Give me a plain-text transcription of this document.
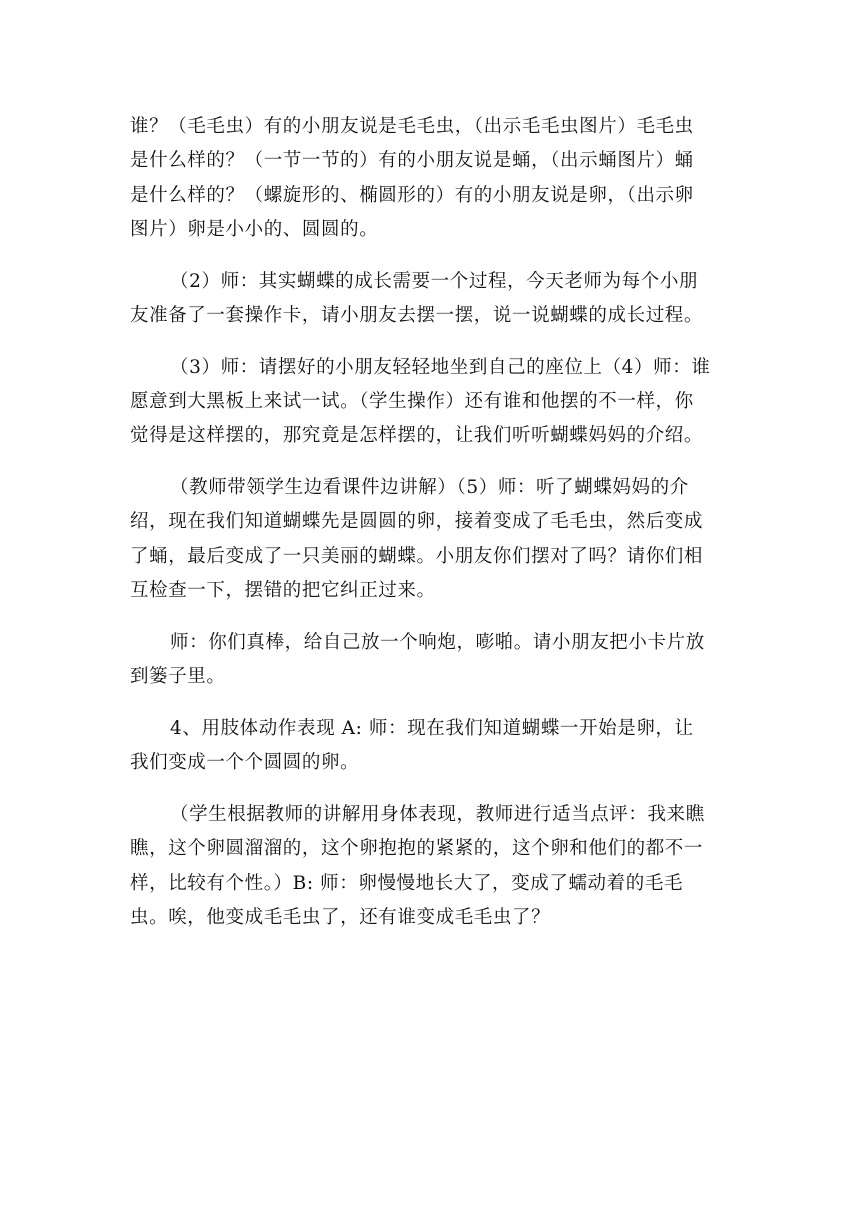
谁？（毛毛虫）有的小朋友说是毛毛虫，（出示毛毛虫图片）毛毛虫
是什么样的？（一节一节的）有的小朋友说是蛹，（出示蛹图片）蛹
是什么样的？（螺旋形的、椭圆形的）有的小朋友说是卵，（出示卵
图片）卵是小小的、圆圆的。

（2）师：其实蝴蝶的成长需要一个过程，今天老师为每个小朋
友准备了一套操作卡，请小朋友去摆一摆，说一说蝴蝶的成长过程。

（3）师：请摆好的小朋友轻轻地坐到自己的座位上（4）师：谁
愿意到大黑板上来试一试。（学生操作）还有谁和他摆的不一样，你
觉得是这样摆的，那究竟是怎样摆的，让我们听听蝴蝶妈妈的介绍。

（教师带领学生边看课件边讲解）（5）师：听了蝴蝶妈妈的介
绍，现在我们知道蝴蝶先是圆圆的卵，接着变成了毛毛虫，然后变成
了蛹，最后变成了一只美丽的蝴蝶。小朋友你们摆对了吗？请你们相
互检查一下，摆错的把它纠正过来。

师：你们真棒，给自己放一个响炮，嘭啪。请小朋友把小卡片放
到篓子里。

4、用肢体动作表现 A: 师：现在我们知道蝴蝶一开始是卵，让
我们变成一个个圆圆的卵。

（学生根据教师的讲解用身体表现，教师进行适当点评：我来瞧
瞧，这个卵圆溜溜的，这个卵抱抱的紧紧的，这个卵和他们的都不一
样，比较有个性。）B: 师：卵慢慢地长大了，变成了蠕动着的毛毛
虫。唉，他变成毛毛虫了，还有谁变成毛毛虫了？
